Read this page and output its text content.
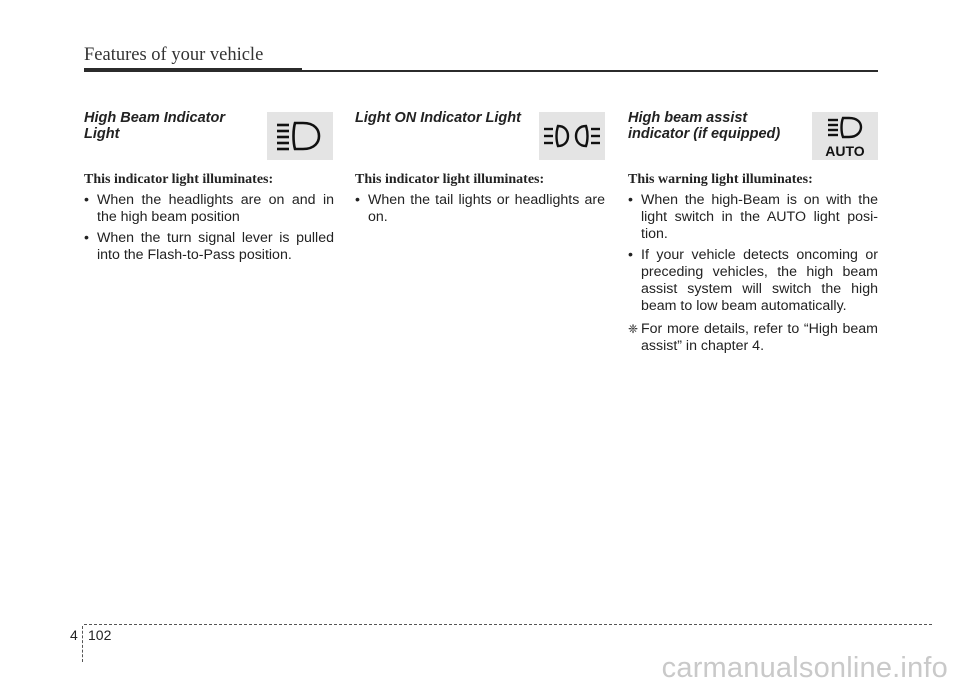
Features of your vehicle
High Beam Indicator
Light

This indicator light illuminates:

• When the headlights are on and in the high beam position
• When the turn signal lever is pulled into the Flash-to-Pass position.
Light ON Indicator Light

This indicator light illuminates:

• When the tail lights or headlights are on.
High beam assist
indicator (if equipped)
AUTO

This warning light illuminates:

• When the high-Beam is on with the light switch in the AUTO light posi- tion.
• If your vehicle detects oncoming or preceding vehicles, the high beam assist system will switch the high beam to low beam automatically.
❈ For more details, refer to “High beam assist” in chapter 4.
4 102
carmanualsonline.info
